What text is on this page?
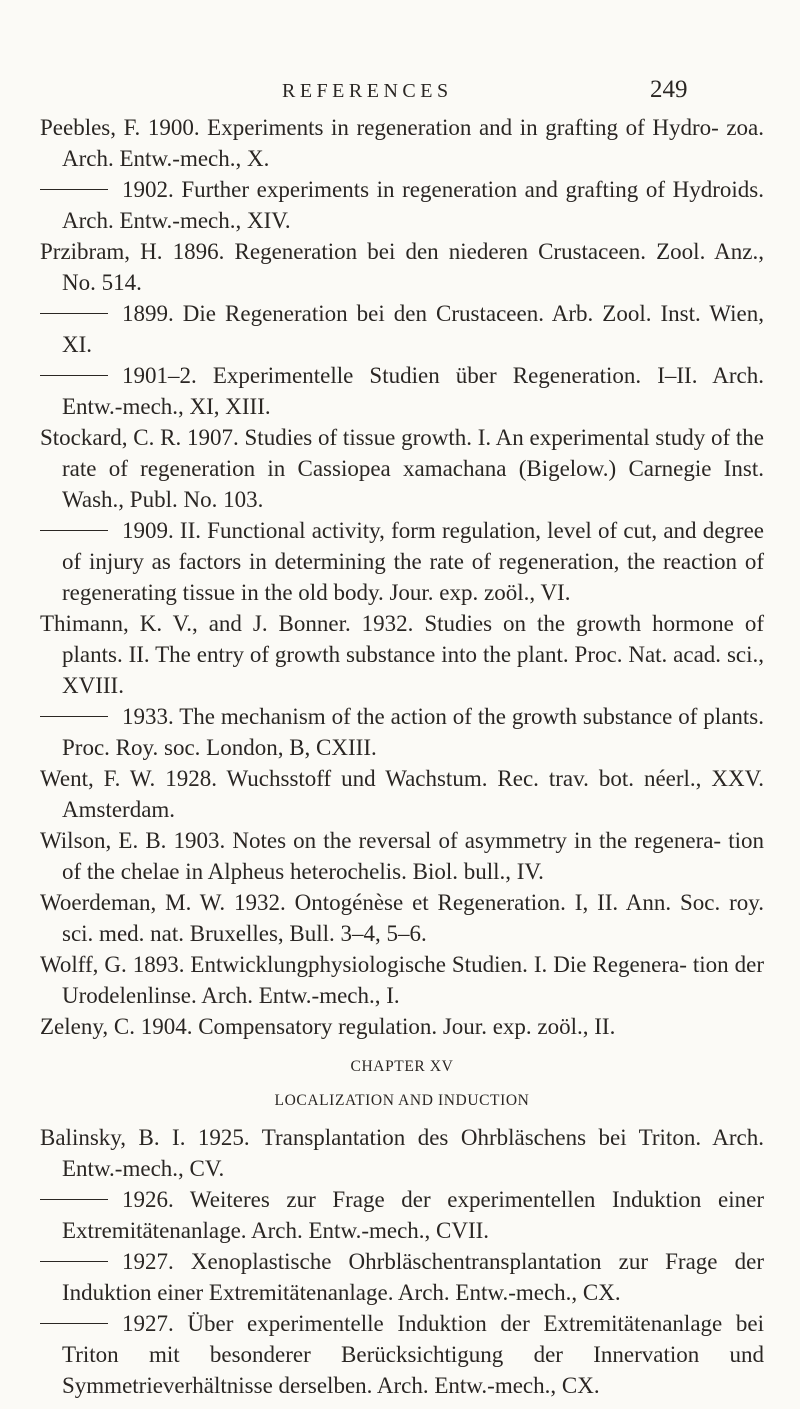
REFERENCES	249

Peebles, F. 1900. Experiments in regeneration and in grafting of Hydro- zoa. Arch. Entw.-mech., X.

1902. Further experiments in regeneration and grafting of Hydroids. Arch. Entw.-mech., XIV.

Przibram, H. 1896. Regeneration bei den niederen Crustaceen. Zool. Anz., No. 514.

1899. Die Regeneration bei den Crustaceen. Arb. Zool. Inst. Wien, XI.

1901–2. Experimentelle Studien über Regeneration. I–II. Arch. Entw.-mech., XI, XIII.

Stockard, C. R. 1907. Studies of tissue growth. I. An experimental study of the rate of regeneration in Cassiopea xamachana (Bigelow.) Carnegie Inst. Wash., Publ. No. 103.

1909. II. Functional activity, form regulation, level of cut, and degree of injury as factors in determining the rate of regeneration, the reaction of regenerating tissue in the old body. Jour. exp. zoöl., VI.

Thimann, K. V., and J. Bonner. 1932. Studies on the growth hormone of plants. II. The entry of growth substance into the plant. Proc. Nat. acad. sci., XVIII.

1933. The mechanism of the action of the growth substance of plants. Proc. Roy. soc. London, B, CXIII.

Went, F. W. 1928. Wuchsstoff und Wachstum. Rec. trav. bot. néerl., XXV. Amsterdam.

Wilson, E. B. 1903. Notes on the reversal of asymmetry in the regenera- tion of the chelae in Alpheus heterochelis. Biol. bull., IV.

Woerdeman, M. W. 1932. Ontogénèse et Regeneration. I, II. Ann. Soc. roy. sci. med. nat. Bruxelles, Bull. 3–4, 5–6.

Wolff, G. 1893. Entwicklungphysiologische Studien. I. Die Regenera- tion der Urodelenlinse. Arch. Entw.-mech., I.

Zeleny, C. 1904. Compensatory regulation. Jour. exp. zoöl., II.

CHAPTER XV

LOCALIZATION AND INDUCTION

Balinsky, B. I. 1925. Transplantation des Ohrbläschens bei Triton. Arch. Entw.-mech., CV.

1926. Weiteres zur Frage der experimentellen Induktion einer Extremitätenanlage. Arch. Entw.-mech., CVII.

1927. Xenoplastische Ohrbläschentransplantation zur Frage der Induktion einer Extremitätenanlage. Arch. Entw.-mech., CX.

1927. Über experimentelle Induktion der Extremitätenanlage bei Triton mit besonderer Berücksichtigung der Innervation und Symmetrieverhältnisse derselben. Arch. Entw.-mech., CX.
